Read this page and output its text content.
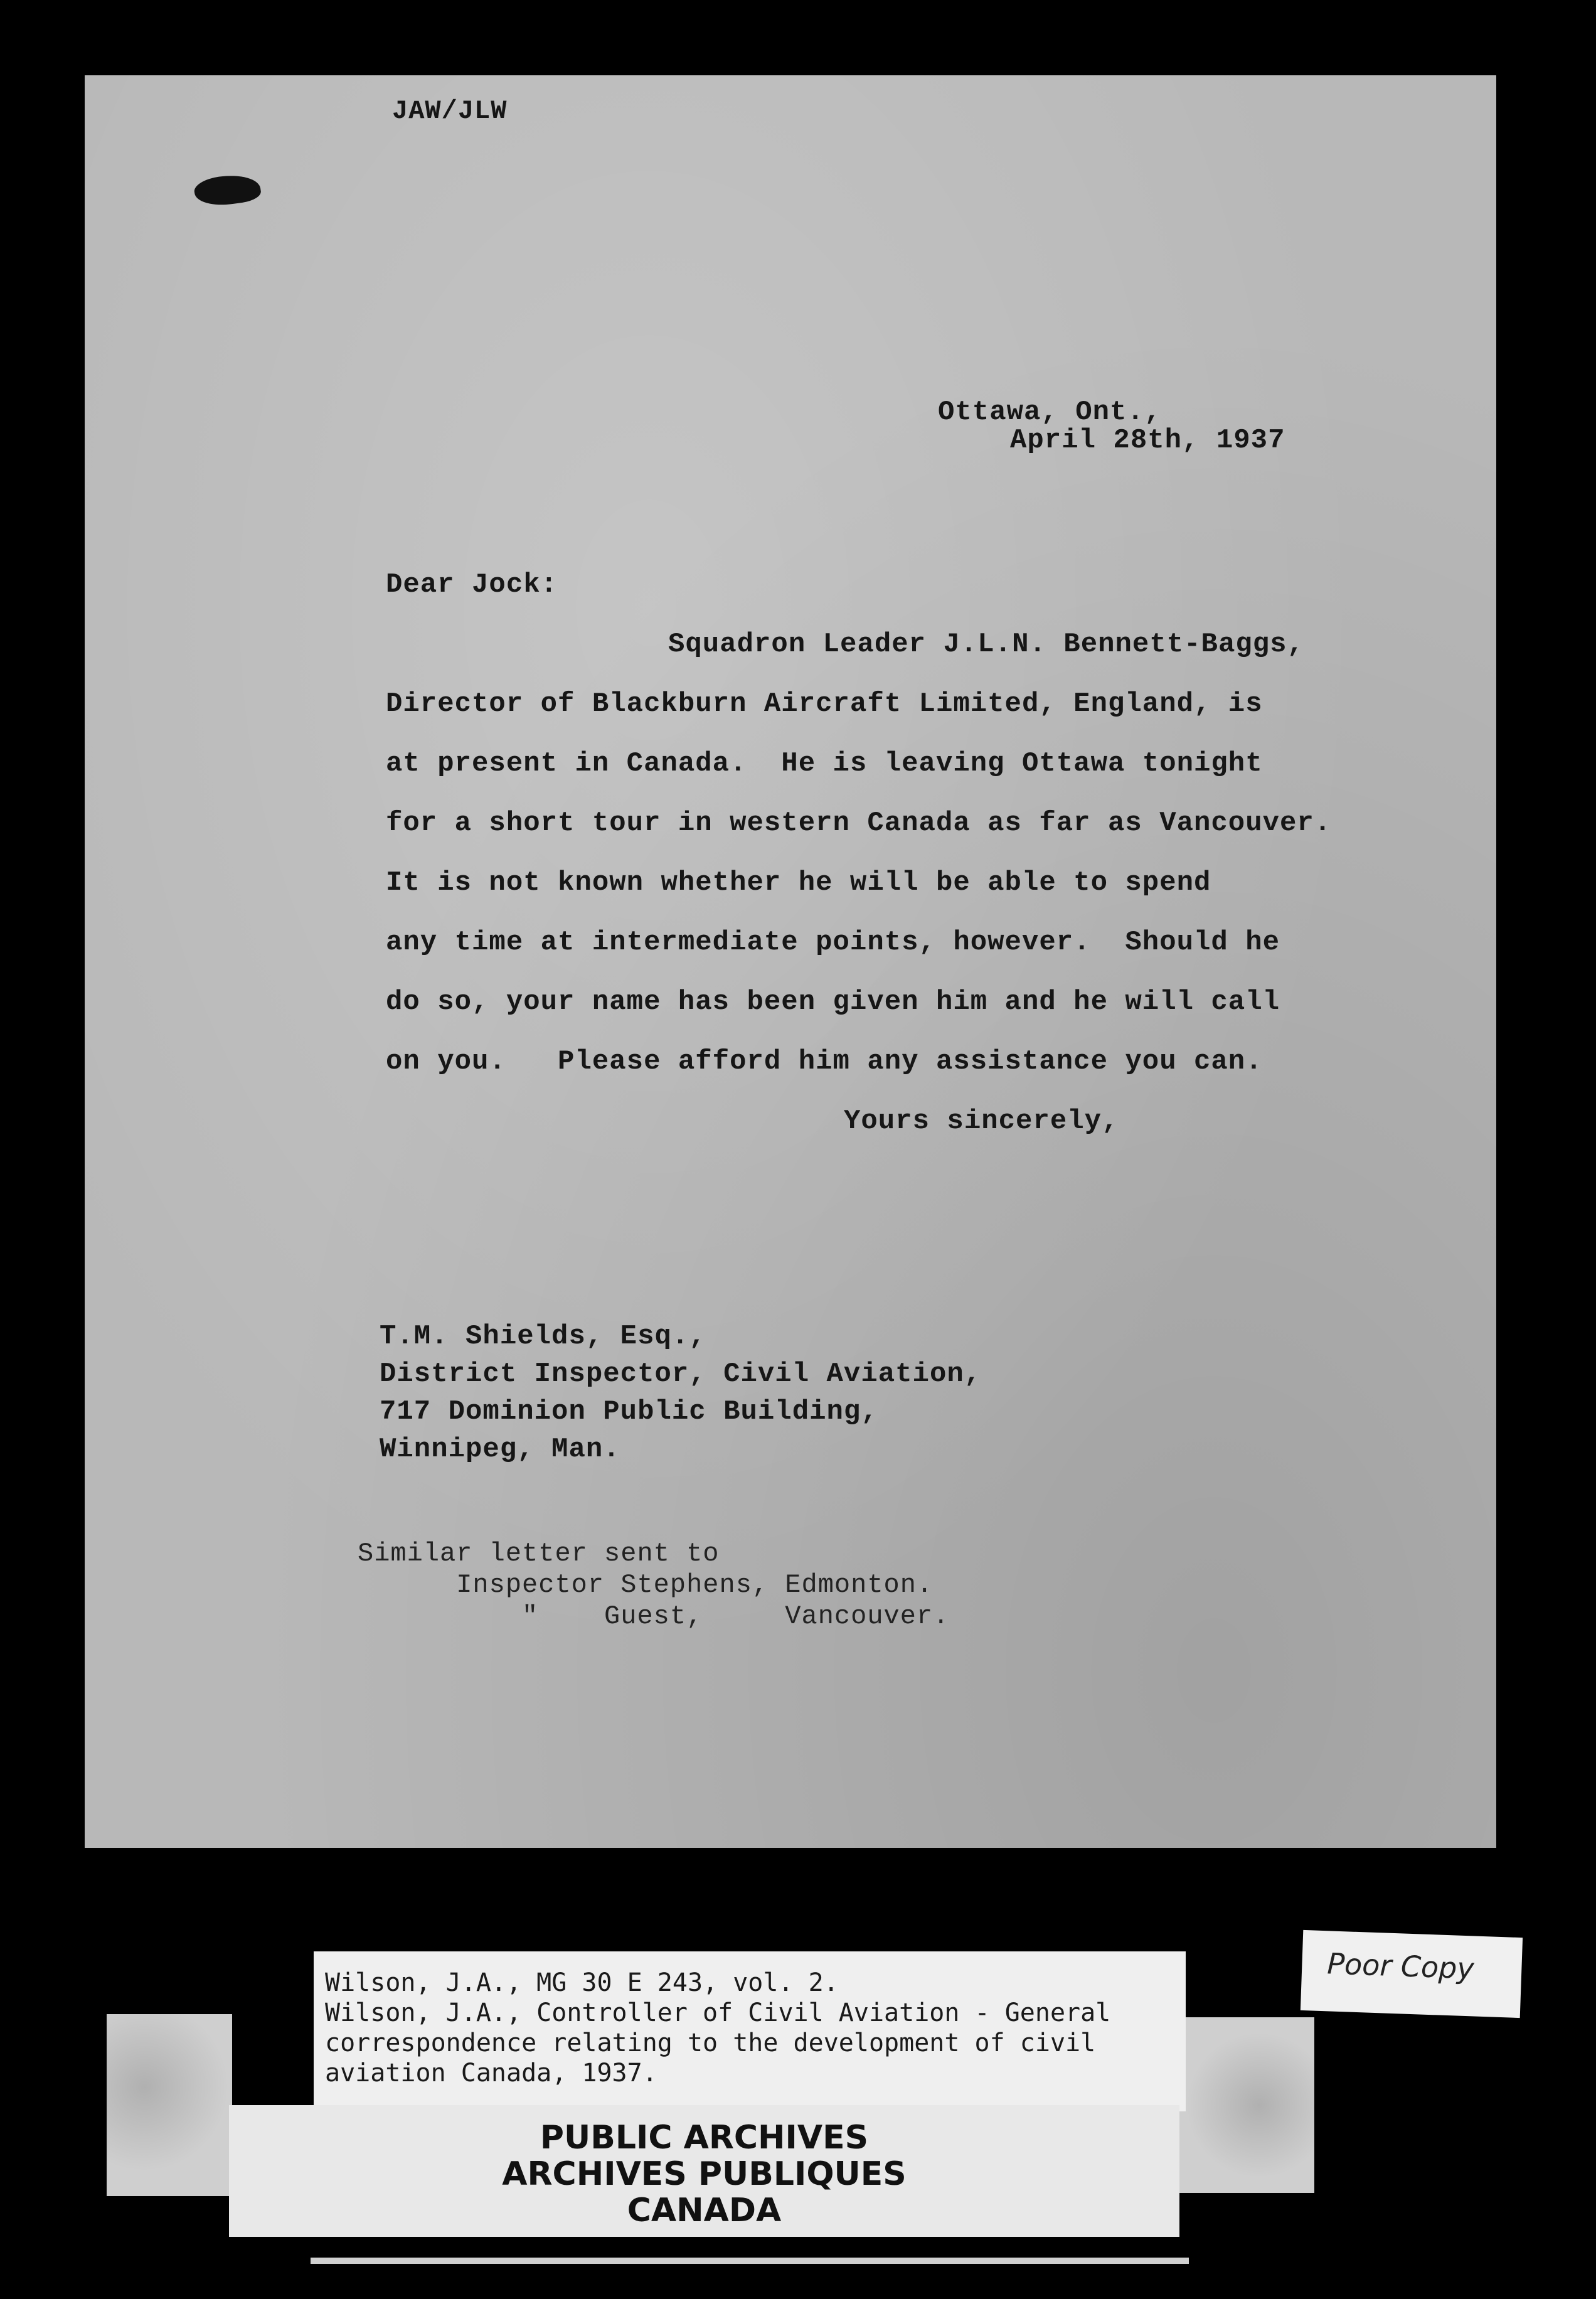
JAW/JLW
Ottawa, Ont.,
April 28th, 1937
Dear Jock:
Squadron Leader J.L.N. Bennett-Baggs,
Director of Blackburn Aircraft Limited, England, is
at present in Canada.  He is leaving Ottawa tonight
for a short tour in western Canada as far as Vancouver.
It is not known whether he will be able to spend
any time at intermediate points, however.  Should he
do so, your name has been given him and he will call
on you.   Please afford him any assistance you can.
Yours sincerely,
T.M. Shields, Esq.,
District Inspector, Civil Aviation,
717 Dominion Public Building,
Winnipeg, Man.
Similar letter sent to
Inspector Stephens, Edmonton.
"    Guest,     Vancouver.
Wilson, J.A., MG 30 E 243, vol. 2.
Wilson, J.A., Controller of Civil Aviation - General
correspondence relating to the development of civil
aviation Canada, 1937.
PUBLIC ARCHIVES
ARCHIVES PUBLIQUES
CANADA
Poor Copy
